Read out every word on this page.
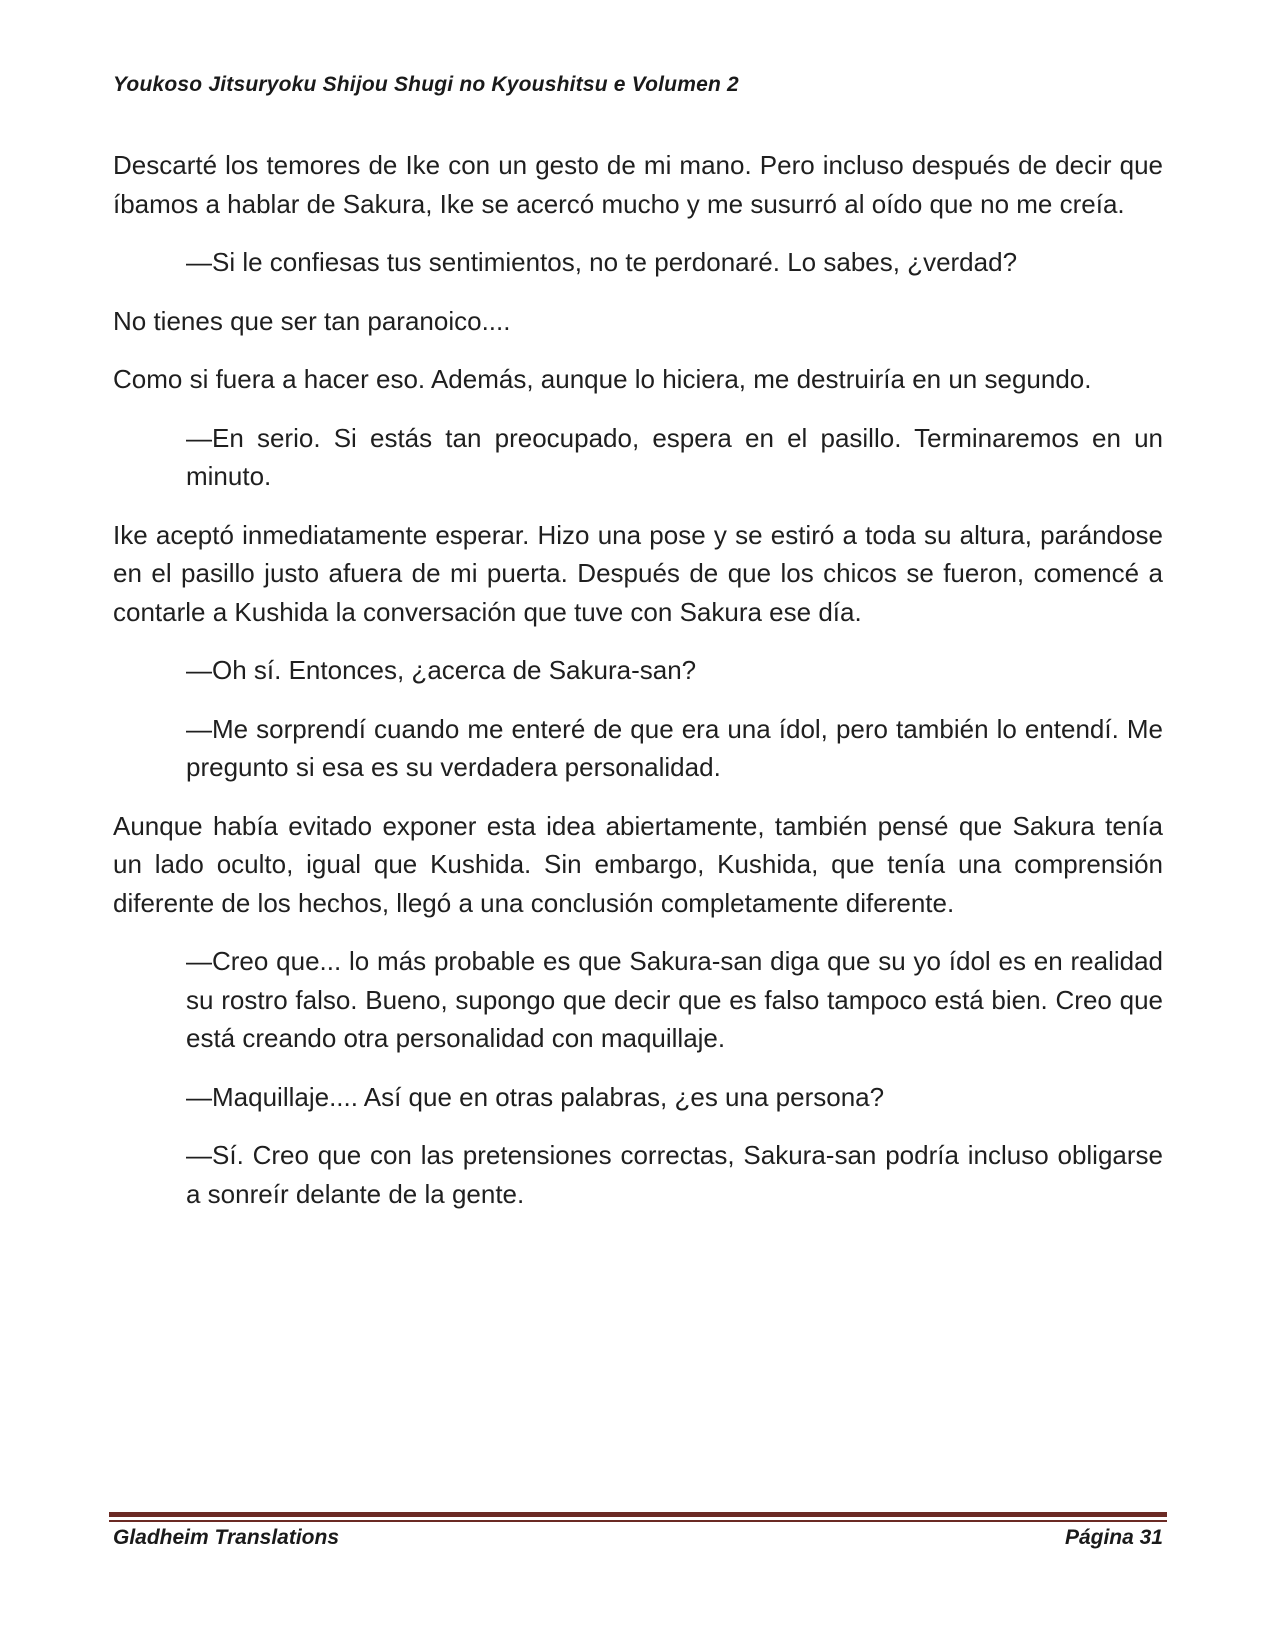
Youkoso Jitsuryoku Shijou Shugi no Kyoushitsu e Volumen 2

Descarté los temores de Ike con un gesto de mi mano. Pero incluso después de decir que íbamos a hablar de Sakura, Ike se acercó mucho y me susurró al oído que no me creía.

—Si le confiesas tus sentimientos, no te perdonaré. Lo sabes, ¿verdad?

No tienes que ser tan paranoico....

Como si fuera a hacer eso. Además, aunque lo hiciera, me destruiría en un segundo.

—En serio. Si estás tan preocupado, espera en el pasillo. Terminaremos en un minuto.

Ike aceptó inmediatamente esperar. Hizo una pose y se estiró a toda su altura, parándose en el pasillo justo afuera de mi puerta. Después de que los chicos se fueron, comencé a contarle a Kushida la conversación que tuve con Sakura ese día.

—Oh sí. Entonces, ¿acerca de Sakura-san?

—Me sorprendí cuando me enteré de que era una ídol, pero también lo entendí. Me pregunto si esa es su verdadera personalidad.

Aunque había evitado exponer esta idea abiertamente, también pensé que Sakura tenía un lado oculto, igual que Kushida. Sin embargo, Kushida, que tenía una comprensión diferente de los hechos, llegó a una conclusión completamente diferente.

—Creo que... lo más probable es que Sakura-san diga que su yo ídol es en realidad su rostro falso. Bueno, supongo que decir que es falso tampoco está bien. Creo que está creando otra personalidad con maquillaje.

—Maquillaje.... Así que en otras palabras, ¿es una persona?

—Sí. Creo que con las pretensiones correctas, Sakura-san podría incluso obligarse a sonreír delante de la gente.

Gladheim Translations	Página 31
